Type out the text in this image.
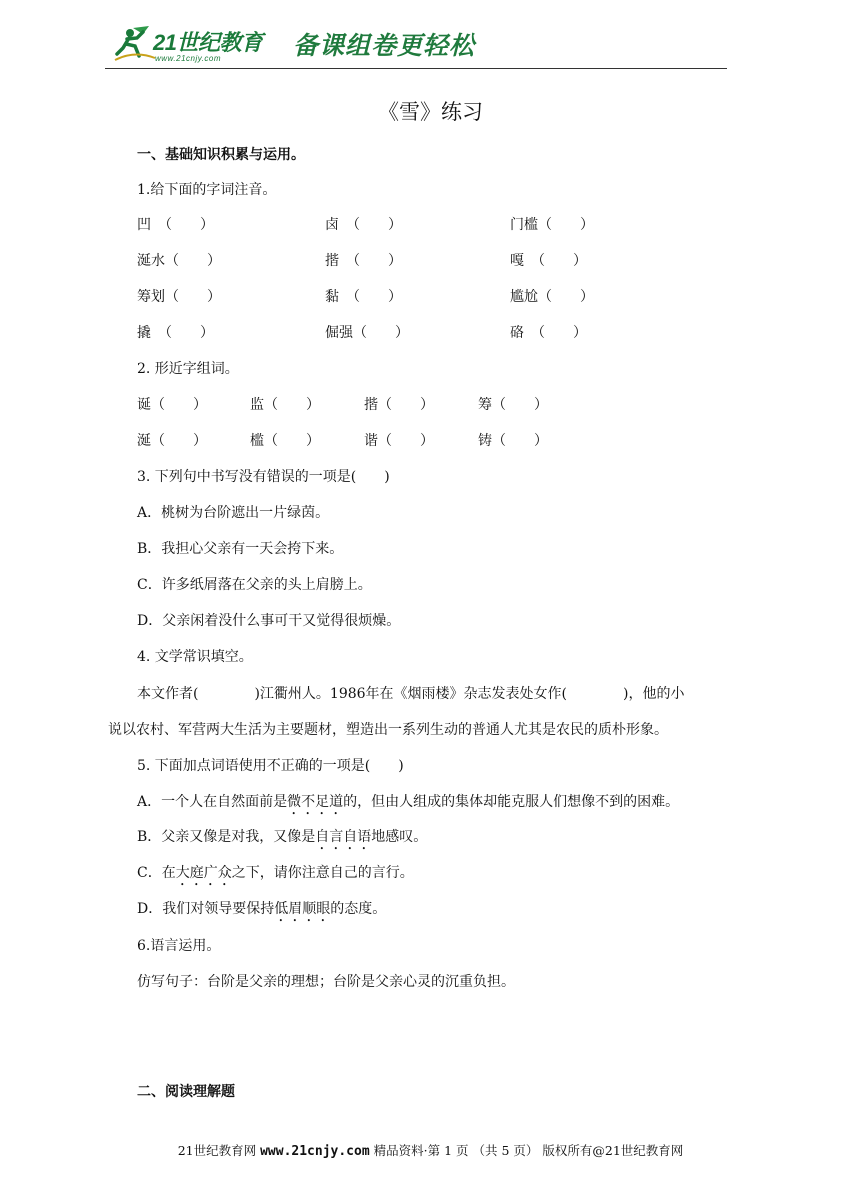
21世纪教育
www.21cnjy.com	备课组卷更轻松
《雪》练习
一、基础知识积累与运用。
1.给下面的字词注音。
凹　（　　）	卤　（　　）	门槛（　　）
涎水（　　）	揩　（　　）	嘎　（　　）
筹划（　　）	黏　（　　）	尴尬（　　）
撬　（　　）	倔强（　　）	硌　（　　）
2. 形近字组词。
诞（　　）	监（　　）	揩（　　）	筹（　　）
涎（　　）	槛（　　）	谐（　　）	铸（　　）
3. 下列句中书写没有错误的一项是(　　)
A．桃树为台阶遮出一片绿茵。
B．我担心父亲有一天会挎下来。
C．许多纸屑落在父亲的头上肩膀上。
D．父亲闲着没什么事可干又觉得很烦燥。
4. 文学常识填空。
本文作者(　　　　)江衢州人。1986年在《烟雨楼》杂志发表处女作(　　　　)，他的小
说以农村、军营两大生活为主要题材，塑造出一系列生动的普通人尤其是农民的质朴形象。
5. 下面加点词语使用不正确的一项是(　　)
A．一个人在自然面前是微不足道的，但由人组成的集体却能克服人们想像不到的困难。
B．父亲又像是对我，又像是自言自语地感叹。
C．在大庭广众之下，请你注意自己的言行。
D．我们对领导要保持低眉顺眼的态度。
6.语言运用。
仿写句子：台阶是父亲的理想；台阶是父亲心灵的沉重负担。
二、阅读理解题
21世纪教育网 www.21cnjy.com 精品资料·第 1 页 （共 5 页） 版权所有@21世纪教育网
